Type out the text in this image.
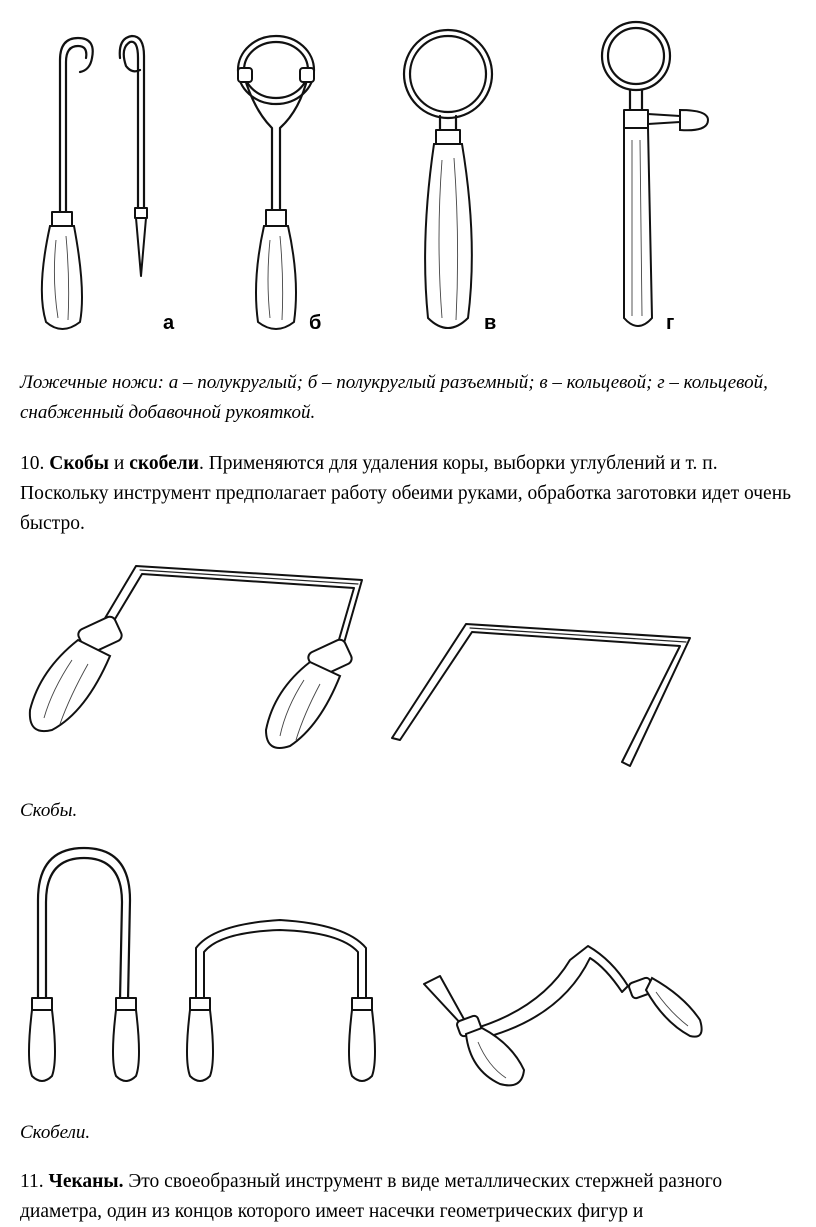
а	б	в	г
Ложечные ножи: а – полукруглый; б – полукруглый разъемный; в – кольцевой; г – кольцевой, снабженный добавочной рукояткой.
10. Скобы и скобели. Применяются для удаления коры, выборки углублений и т. п. Поскольку инструмент предполагает работу обеими руками, обработка заготовки идет очень быстро.
Скобы.
Скобели.
11. Чеканы. Это своеобразный инструмент в виде металлических стержней разного диаметра, один из концов которого имеет насечки геометрических фигур и
